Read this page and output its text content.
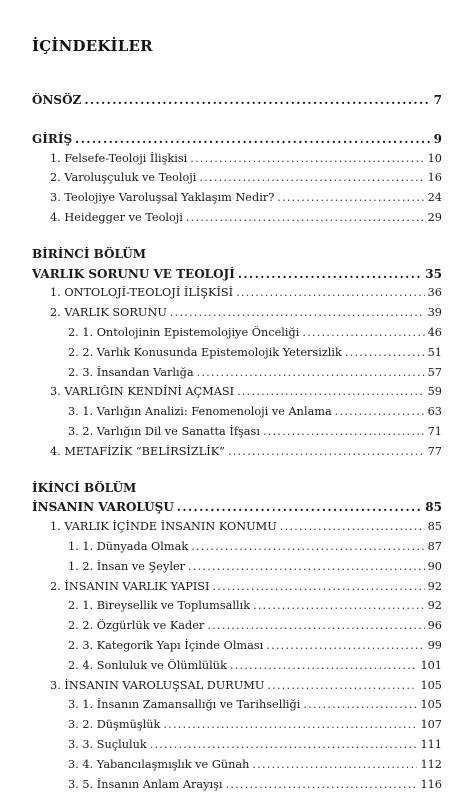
İÇİNDEKİLER
ÖNSÖZ .....	7
GİRİŞ .....	9
1. Felsefe-Teoloji İlişkisi .....	10
2. Varoluşçuluk ve Teoloji .....	16
3. Teolojiye Varoluşsal Yaklaşım Nedir? .....	24
4. Heidegger ve Teoloji .....	29
BİRİNCİ BÖLÜM
VARLIK SORUNU VE TEOLOJİ .....	35
1. ONTOLOJİ-TEOLOJİ İLİŞKİSİ .....	36
2. VARLIK SORUNU .....	39
2. 1. Ontolojinin Epistemolojiye Önceliği .....	46
2. 2. Varlık Konusunda Epistemolojik Yetersizlik .....	51
2. 3. İnsandan Varlığa .....	57
3. VARLIĞIN KENDİNİ AÇMASI .....	59
3. 1. Varlığın Analizi: Fenomenoloji ve Anlama .....	63
3. 2. Varlığın Dil ve Sanatta İfşası .....	71
4. METAFİZİK “BELİRSİZLİK” .....	77
İKİNCİ BÖLÜM
İNSANIN VAROLUŞU .....	85
1. VARLIK İÇİNDE İNSANIN KONUMU .....	85
1. 1. Dünyada Olmak .....	87
1. 2. İnsan ve Şeyler .....	90
2. İNSANIN VARLIK YAPISI .....	92
2. 1. Bireysellik ve Toplumsallık .....	92
2. 2. Özgürlük ve Kader .....	96
2. 3. Kategorik Yapı İçinde Olması .....	99
2. 4. Sonluluk ve Ölümlülük .....	101
3. İNSANIN VAROLUŞSAL DURUMU .....	105
3. 1. İnsanın Zamansallığı ve Tarihselliği .....	105
3. 2. Düşmüşlük .....	107
3. 3. Suçluluk .....	111
3. 4. Yabancılaşmışlık ve Günah .....	112
3. 5. İnsanın Anlam Arayışı .....	116
